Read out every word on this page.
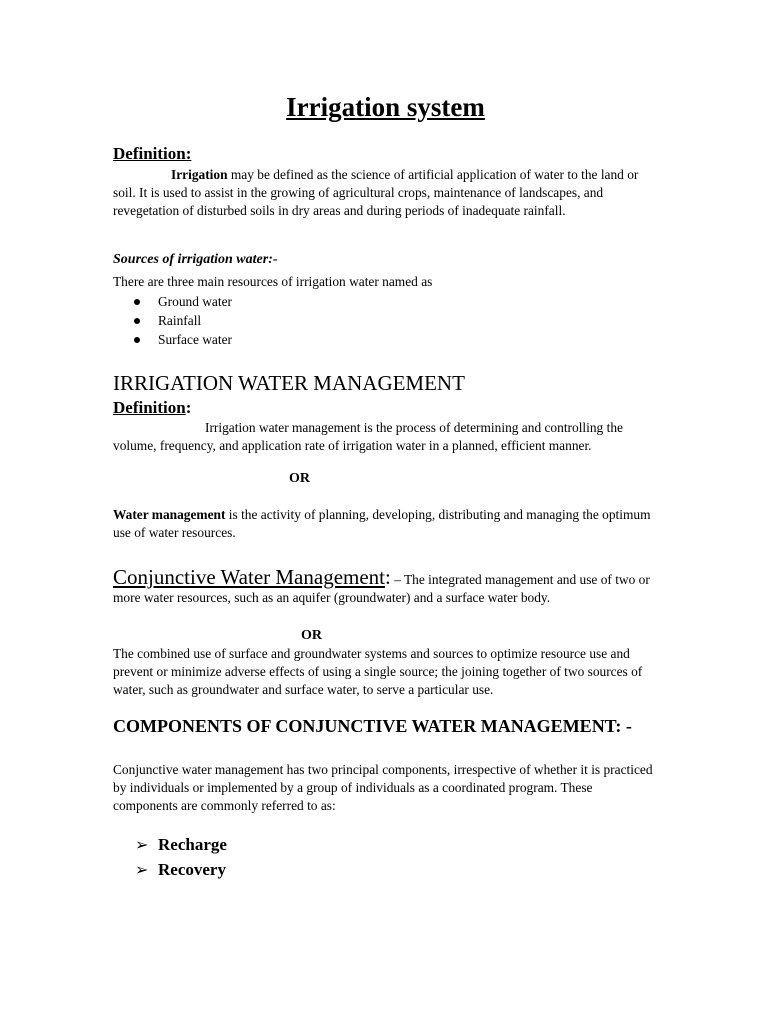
Irrigation system
Definition:

Irrigation may be defined as the science of artificial application of water to the land or soil. It is used to assist in the growing of agricultural crops, maintenance of landscapes, and revegetation of disturbed soils in dry areas and during periods of inadequate rainfall.

Sources of irrigation water:-

There are three main resources of irrigation water named as

Ground water
Rainfall
Surface water
IRRIGATION WATER MANAGEMENT
Definition:

Irrigation water management is the process of determining and controlling the volume, frequency, and application rate of irrigation water in a planned, efficient manner.

OR

Water management is the activity of planning, developing, distributing and managing the optimum use of water resources.

Conjunctive Water Management: – The integrated management and use of two or more water resources, such as an aquifer (groundwater) and a surface water body.

OR

The combined use of surface and groundwater systems and sources to optimize resource use and prevent or minimize adverse effects of using a single source; the joining together of two sources of water, such as groundwater and surface water, to serve a particular use.

COMPONENTS OF CONJUNCTIVE WATER MANAGEMENT: -

Conjunctive water management has two principal components, irrespective of whether it is practiced by individuals or implemented by a group of individuals as a coordinated program. These components are commonly referred to as:

➢ Recharge
➢ Recovery
